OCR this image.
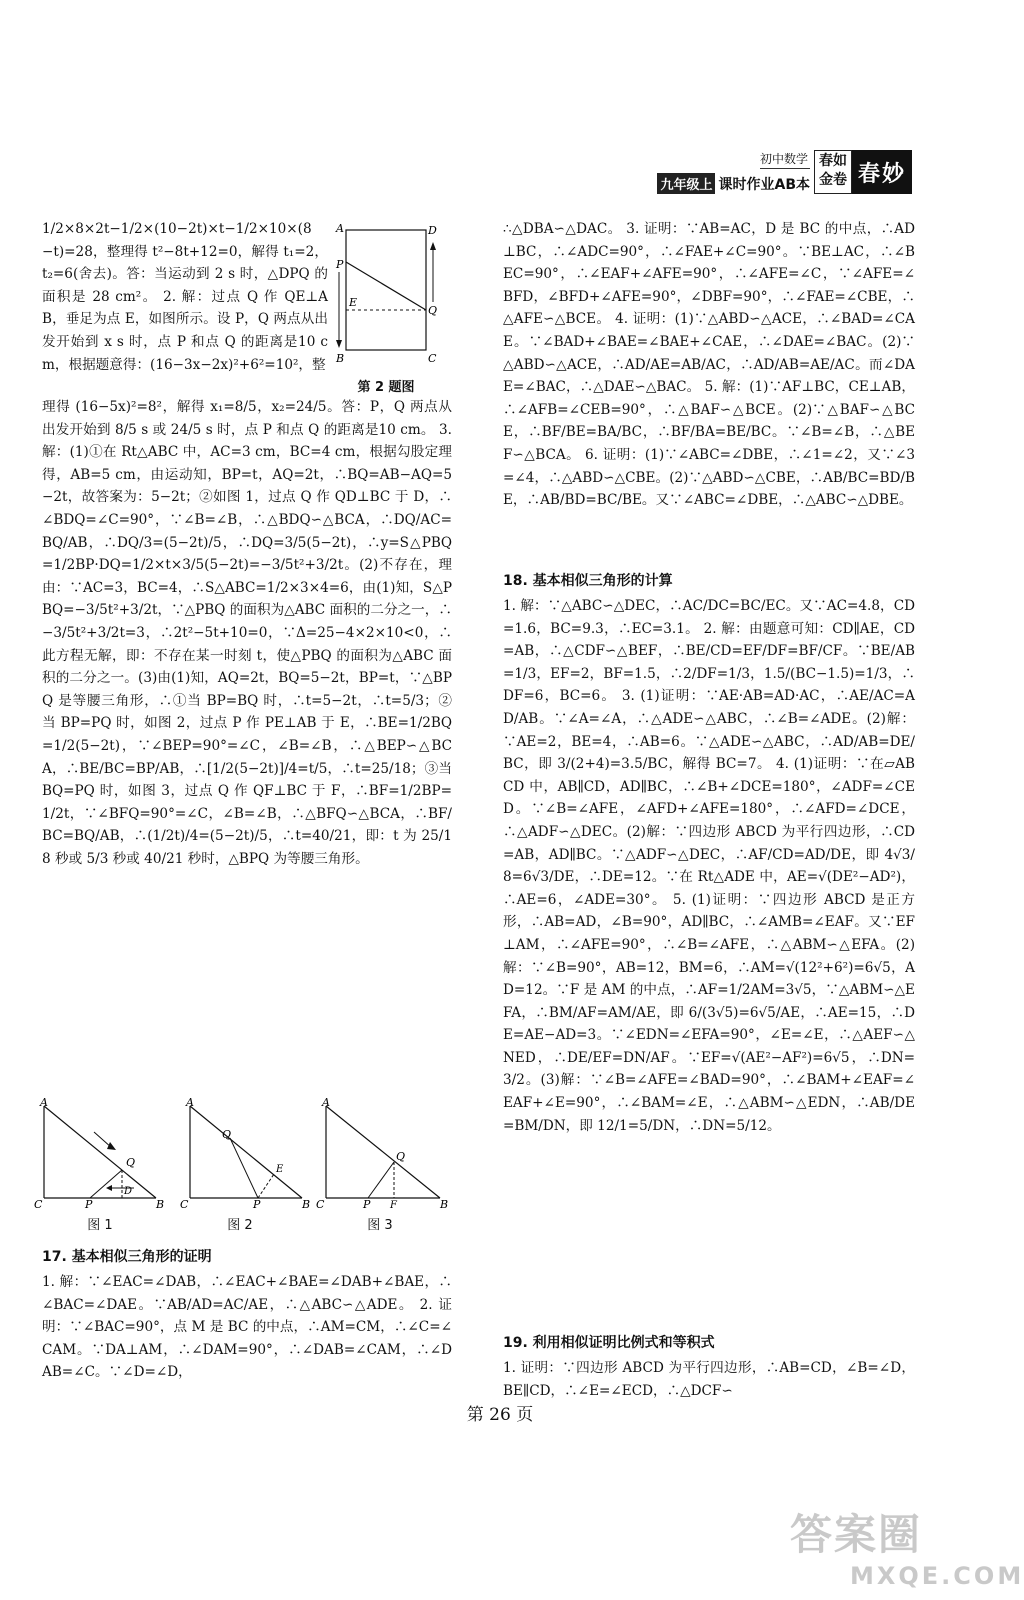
初中数学
九年级上 课时作业AB本
春如金卷 春妙
A	D
P
E
Q
B	C
第 2 题图
1/2×8×2t−1/2×(10−2t)×t−1/2×10×(8−t)=28，整理得 t²−8t+12=0，解得 t₁=2，t₂=6(舍去)。答：当运动到 2 s 时，△DPQ 的面积是 28 cm²。 2. 解：过点 Q 作 QE⊥AB，垂足为点 E，如图所示。设 P，Q 两点从出发开始到 x s 时，点 P 和点 Q 的距离是10 cm，根据题意得：(16−3x−2x)²+6²=10²，整
理得 (16−5x)²=8²，解得 x₁=8/5，x₂=24/5。答：P，Q 两点从出发开始到 8/5 s 或 24/5 s 时，点 P 和点 Q 的距离是10 cm。 3. 解：(1)①在 Rt△ABC 中，AC=3 cm，BC=4 cm，根据勾股定理得，AB=5 cm，由运动知，BP=t，AQ=2t，∴BQ=AB−AQ=5−2t，故答案为：5−2t；②如图 1，过点 Q 作 QD⊥BC 于 D，∴∠BDQ=∠C=90°，∵∠B=∠B，∴△BDQ∽△BCA，∴DQ/AC=BQ/AB，∴DQ/3=(5−2t)/5，∴DQ=3/5(5−2t)，∴y=S△PBQ=1/2BP·DQ=1/2×t×3/5(5−2t)=−3/5t²+3/2t。(2)不存在，理由：∵AC=3，BC=4，∴S△ABC=1/2×3×4=6，由(1)知，S△PBQ=−3/5t²+3/2t，∵△PBQ 的面积为△ABC 面积的二分之一，∴−3/5t²+3/2t=3，∴2t²−5t+10=0，∵Δ=25−4×2×10<0，∴此方程无解，即：不存在某一时刻 t，使△PBQ 的面积为△ABC 面积的二分之一。(3)由(1)知，AQ=2t，BQ=5−2t，BP=t，∵△BPQ 是等腰三角形，∴①当 BP=BQ 时，∴t=5−2t，∴t=5/3；②当 BP=PQ 时，如图 2，过点 P 作 PE⊥AB 于 E，∴BE=1/2BQ=1/2(5−2t)，∵∠BEP=90°=∠C，∠B=∠B，∴△BEP∽△BCA，∴BE/BC=BP/AB，∴[1/2(5−2t)]/4=t/5，∴t=25/18；③当 BQ=PQ 时，如图 3，过点 Q 作 QF⊥BC 于 F，∴BF=1/2BP=1/2t，∵∠BFQ=90°=∠C，∠B=∠B，∴△BFQ∽△BCA，∴BF/BC=BQ/AB，∴(1/2t)/4=(5−2t)/5，∴t=40/21，即：t 为 25/18 秒或 5/3 秒或 40/21 秒时，△BPQ 为等腰三角形。
A
C	B
P
Q
D
A
C	B
P
Q
E
A
C	B
P
Q
F
图 1	图 2	图 3
17. 基本相似三角形的证明
1. 解：∵∠EAC=∠DAB，∴∠EAC+∠BAE=∠DAB+∠BAE，∴∠BAC=∠DAE。∵AB/AD=AC/AE，∴△ABC∽△ADE。 2. 证明：∵∠BAC=90°，点 M 是 BC 的中点，∴AM=CM，∴∠C=∠CAM。∵DA⊥AM，∴∠DAM=90°，∴∠DAB=∠CAM，∴∠DAB=∠C。∵∠D=∠D，
∴△DBA∽△DAC。 3. 证明：∵AB=AC，D 是 BC 的中点，∴AD⊥BC，∴∠ADC=90°，∴∠FAE+∠C=90°。∵BE⊥AC，∴∠BEC=90°，∴∠EAF+∠AFE=90°，∴∠AFE=∠C，∵∠AFE=∠BFD，∠BFD+∠AFE=90°，∠DBF=90°，∴∠FAE=∠CBE，∴△AFE∽△BCE。 4. 证明：(1)∵△ABD∽△ACE，∴∠BAD=∠CAE。∵∠BAD+∠BAE=∠BAE+∠CAE，∴∠DAE=∠BAC。(2)∵△ABD∽△ACE，∴AD/AE=AB/AC，∴AD/AB=AE/AC。而∠DAE=∠BAC，∴△DAE∽△BAC。 5. 解：(1)∵AF⊥BC，CE⊥AB，∴∠AFB=∠CEB=90°，∴△BAF∽△BCE。(2)∵△BAF∽△BCE，∴BF/BE=BA/BC，∴BF/BA=BE/BC。∵∠B=∠B，∴△BEF∽△BCA。 6. 证明：(1)∵∠ABC=∠DBE，∴∠1=∠2，又∵∠3=∠4，∴△ABD∽△CBE。(2)∵△ABD∽△CBE，∴AB/BC=BD/BE，∴AB/BD=BC/BE。又∵∠ABC=∠DBE，∴△ABC∽△DBE。
18. 基本相似三角形的计算
1. 解：∵△ABC∽△DEC，∴AC/DC=BC/EC。又∵AC=4.8，CD=1.6，BC=9.3，∴EC=3.1。 2. 解：由题意可知：CD∥AE，CD=AB，∴△CDF∽△BEF，∴BE/CD=EF/DF=BF/CF。∵BE/AB=1/3，EF=2，BF=1.5，∴2/DF=1/3，1.5/(BC−1.5)=1/3，∴DF=6，BC=6。 3. (1)证明：∵AE·AB=AD·AC，∴AE/AC=AD/AB。∵∠A=∠A，∴△ADE∽△ABC，∴∠B=∠ADE。(2)解：∵AE=2，BE=4，∴AB=6。∵△ADE∽△ABC，∴AD/AB=DE/BC，即 3/(2+4)=3.5/BC，解得 BC=7。 4. (1)证明：∵在▱ABCD 中，AB∥CD，AD∥BC，∴∠B+∠DCE=180°，∠ADF=∠CED。∵∠B=∠AFE，∠AFD+∠AFE=180°，∴∠AFD=∠DCE，∴△ADF∽△DEC。(2)解：∵四边形 ABCD 为平行四边形，∴CD=AB，AD∥BC。∵△ADF∽△DEC，∴AF/CD=AD/DE，即 4√3/8=6√3/DE，∴DE=12。∵在 Rt△ADE 中，AE=√(DE²−AD²)，∴AE=6，∠ADE=30°。 5. (1)证明：∵四边形 ABCD 是正方形，∴AB=AD，∠B=90°，AD∥BC，∴∠AMB=∠EAF。又∵EF⊥AM，∴∠AFE=90°，∴∠B=∠AFE，∴△ABM∽△EFA。(2)解：∵∠B=90°，AB=12，BM=6，∴AM=√(12²+6²)=6√5，AD=12。∵F 是 AM 的中点，∴AF=1/2AM=3√5，∵△ABM∽△EFA，∴BM/AF=AM/AE，即 6/(3√5)=6√5/AE，∴AE=15，∴DE=AE−AD=3。∵∠EDN=∠EFA=90°，∠E=∠E，∴△AEF∽△NED，∴DE/EF=DN/AF。∵EF=√(AE²−AF²)=6√5，∴DN=3/2。(3)解：∵∠B=∠AFE=∠BAD=90°，∴∠BAM+∠EAF=∠EAF+∠E=90°，∴∠BAM=∠E，∴△ABM∽△EDN，∴AB/DE=BM/DN，即 12/1=5/DN，∴DN=5/12。
19. 利用相似证明比例式和等积式
1. 证明：∵四边形 ABCD 为平行四边形，∴AB=CD，∠B=∠D，BE∥CD，∴∠E=∠ECD，∴△DCF∽
第 26 页
答案圈
MXQE.COM
